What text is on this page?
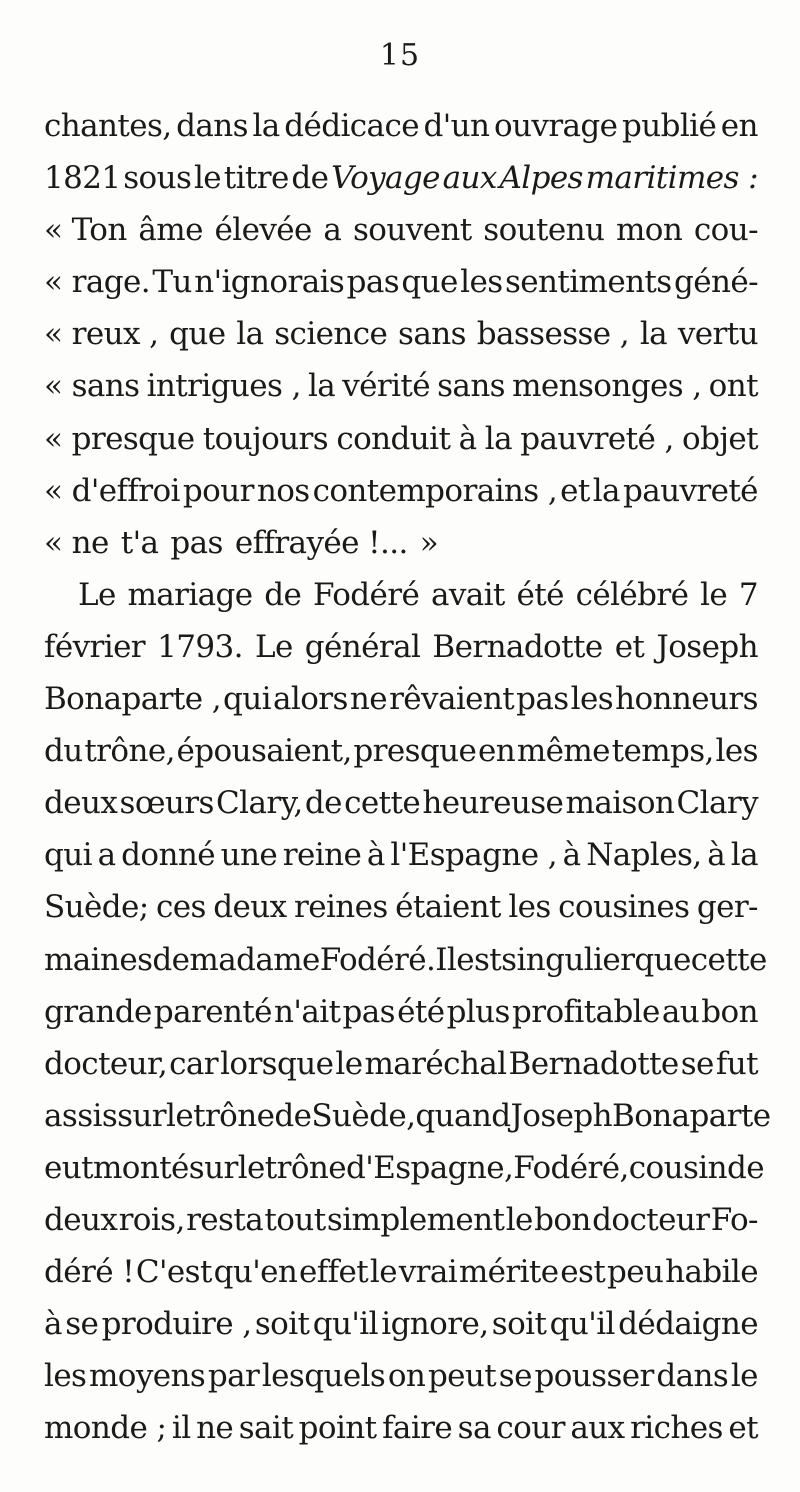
15
chantes, dans la dédicace d'un ouvrage publié en
1821 sous le titre de Voyage aux Alpes maritimes :
« Ton âme élevée a souvent soutenu mon cou-
« rage. Tu n'ignorais pas que les sentiments géné-
« reux , que la science sans bassesse , la vertu
« sans intrigues , la vérité sans mensonges , ont
« presque toujours conduit à la pauvreté , objet
« d'effroi pour nos contemporains , et la pauvreté
« ne t'a pas effrayée !... »
Le mariage de Fodéré avait été célébré le 7
février 1793. Le général Bernadotte et Joseph
Bonaparte , qui alors ne rêvaient pas les honneurs
du trône, épousaient, presque en même temps, les
deux sœurs Clary, de cette heureuse maison Clary
qui a donné une reine à l'Espagne , à Naples, à la
Suède; ces deux reines étaient les cousines ger-
maines de madame Fodéré. Il est singulier que cette
grande parenté n'ait pas été plus profitable au bon
docteur, car lorsque le maréchal Bernadotte se fut
assis sur le trône de Suède, quand Joseph Bonaparte
eut monté sur le trône d'Espagne, Fodéré, cousin de
deux rois, resta tout simplement le bon docteur Fo-
déré ! C'est qu'en effet le vrai mérite est peu habile
à se produire , soit qu'il ignore, soit qu'il dédaigne
les moyens par lesquels on peut se pousser dans le
monde ; il ne sait point faire sa cour aux riches et
